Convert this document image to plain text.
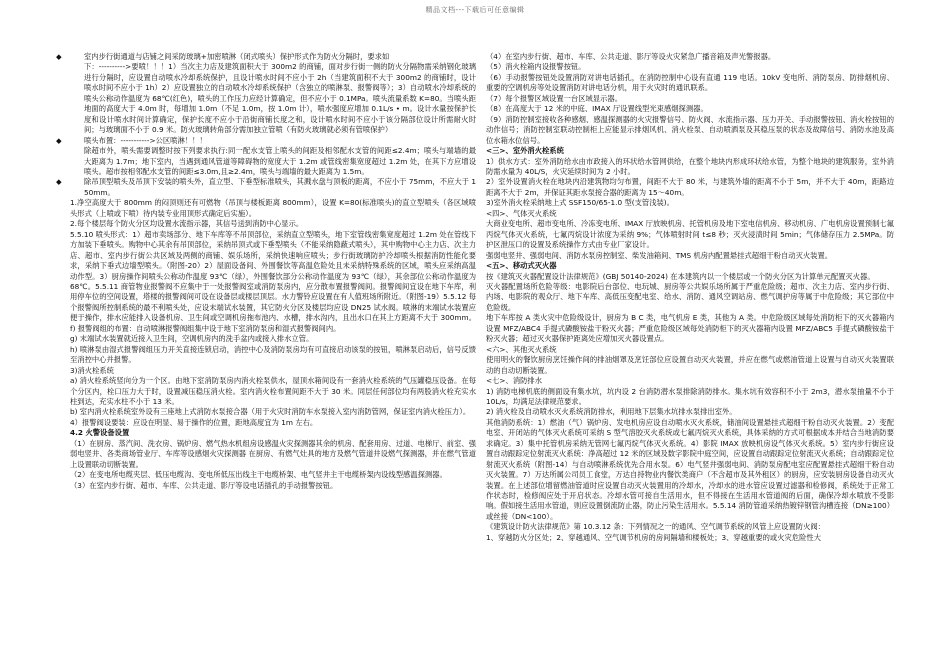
精品文档---下载后可任意编辑

◆	室内步行街通道与店铺之间采防玻璃+加密喷淋（闭式喷头）保护形式作为防火分隔时，要求如

下：---------->要喷！！！1）当次主力店及建筑面积大于 300m2 的商铺，面对步行街一侧的防火分隔物需采纳钢化玻璃进行分隔时，应设置自动喷水冷却系统保护，且设计喷水时间不应小于 2h（当建筑面积不大于 300m2 的商铺时，设计喷水时间不应小于 1h）2）应设置独立的自动喷水冷却系统保护（含独立的喷淋泵、报警阀等）；3）自动喷水冷却系统的喷头公称动作温度为 68℃(红色)，喷头的工作压力应经计算确定，但不应小于 0.1MPa。喷头流量系数 K=80。当喷头距地面的高度大于 4.0m 时，每增加 1.0m（不足 1.0m，按 1.0m 计），喷水强度应增加 0.1L/s • m。设计水量按保护长度和设计喷水时间计算确定，保护长度不应小于沿街商铺长度之和，设计喷水时间不应小于该分隔部位设计所需耐火时间；与玻璃面不小于 0.9 米。防火玻璃转角部分需加独立管喷（有防火玻璃就必须有管喷保护）

◆	喷头布置：----------->公区喷淋！！！

除超市外，喷头需要调整时按下列要求执行:同一配水支管上喷头的间距及相邻配水支管的间距≤2.4m；喷头与端墙的最大距离为 1.7m；地下室内，当遇到通风管道等障碍物的宽度大于 1.2m 或管线密集宽度超过 1.2m 处，在其下方应增设喷头。超市按相邻配水支管的间距≤3.0m,且≥2.4m，喷头与端墙的最大距离为 1.5m。

◆	除吊顶型喷头及吊顶下安装的喷头外，直立型、下垂型标准喷头，其溅水盘与顶板的距离，不应小于 75mm，不应大于 150mm。

1.净空高度大于 800mm 的闷顶则还有可燃物（吊顶与楼板距离 800mm），设置 K=80(标准喷头)的直立型喷头（各区域喷头形式（上喷或下喷）待内装专业用顶形式确定后实施）。

2.每个楼层每个防火分区均设置水流指示器，其信号送到消防中心显示。

5.5.10 喷头形式：1）超市卖场部分、地下车库等不吊顶部位，采纳直立型喷头，地下室管线密集宽度超过 1.2m 处在管线下方加装下垂喷头。购物中心其余有吊顶部位，采纳吊顶式或下垂型喷头（不能采纳隐蔽式喷头），其中购物中心主力店、次主力店、超市、室内步行街公共区域及两侧的商铺、娱乐场所，采纳快速响应喷头；步行街玻璃防护冷却喷头根据消防性能化要求，采纳下垂式边墙型喷头。（附图-20）2）屋面设备间、外围餐饮等高温危险处且未采纳特殊系统的区域，喷头应采纳高温动作型。3）厨房操作间喷头公称动作温度 93℃（绿），外围餐饮部分公称动作温度为 93℃（绿），其余部位公称动作温度为 68℃。5.5.11 商管物业报警阀不应集中于一处报警阀室或消防泵房内，应分散布置报警阀间。报警阀间宜设在地下车库，利用停车位的空间设置，塔楼的报警阀间可设在设备层或楼层顶层。水力警铃应设置在有人值班场所附近。（附图-19）5.5.12 每个报警阀所控制系统的最不利喷头处，应设末端试水装置，其它防火分区及楼层均应设 DN25 试水阀。喷淋的末端试水装置应便于操作，排水应能排入设备机房、卫生间或空调机房拖布池内、水槽，排水沟内，且出水口在其上方距离不大于 300mm。f) 报警阀组的布置：自动喷淋报警阀组集中设于地下室消防泵房和湿式报警阀间内。

g) 末端试水装置就近接入卫生间，空调机房内的洗手盆内或接入排水立管。

h) 喷淋泵由湿式报警阀组压力开关直接连锁启动，消控中心及消防泵房均有可直接启动该泵的按钮，喷淋泵启动后，信号反馈至消控中心并报警。

3)消火栓系统

a) 消火栓系统竖向分为一个区。由地下室消防泵房内消火栓泵供水，屋顶水箱间设有一套消火栓系统的气压罐稳压设备。在每个分区内，栓口压力大于时，设置减压稳压消火栓。室内消火栓布置间距不大于 30 米。同层任何部位均有两股消火栓充实水柱到达，充实水柱不小于 13 米。

b) 室内消火栓系统室外设有三座地上式消防水泵接合器（用于火灾时消防车水泵接入室内消防管网，保证室内消火栓压力）。

4）报警阀设要装：应设在明显、易于操作的位置，距地高度宜为 1m 左右。

4.2 火警设备设置

（1）在厨房、蒸汽间、洗衣房、锅炉房、燃气热水机组房设感温火灾探测器其余的机房、配套用房、过道、电梯厅、前室、强弱电竖井、各类商场管业厅、车库等设感烟火灾探测器 在厨房、有燃气灶具的地方及燃气管道井设燃气探测器，并在燃气管道上设置联动切断装置。

（2）在变电所电缆夹层、低压电缆沟、变电所低压出线主干电缆桥架、电气竖井主干电缆桥架内设线型感温探测器。

（3）在室内步行街、超市、车库、公共走道、影厅等设电话插孔的手动报警按钮。

（4）在室内步行街、超市、车库、公共走道、影厅等设火灾紧急广播音箱及声光警报器。

（5）消火栓箱内设报警按钮。

（6）手动报警按钮处设置消防对讲电话插孔，在消防控制中心设有直通 119 电话。10kV 变电所、消防泵房、防排烟机房、重要的空调机房等处设置消防对讲电话分机，用于火灾时的通讯联系。

（7）每个报警区域设置一台区域显示器。

（8）在高度大于 12 米的中庭、IMAX 厅设置线型光束感烟探测器。

（9）消防控制室接收各种感烟、感温探测器的火灾报警信号、防火阀、水流指示器、压力开关、手动报警按钮、消火栓按钮的动作信号；消防控制室联动控制柜上应能显示排烟风机、消火栓泵、自动喷洒泵及其稳压泵的状态及故障信号、消防水池及高位水箱水位信号。

<三>、室外消火栓系统

1）供水方式：室外消防给水由市政接入的环状给水管网供给，在整个地块内形成环状给水管，为整个地块的建筑服务，室外消防需水量为 40L/S，火灾延续时间为 2 小时。

2）室外设置消火栓在地块内沿建筑物均匀布置，间距不大于 80 米，与建筑外墙的距离不小于 5m，并不大于 40m，距路边距离不大于 2m，并保证其距水泵接合器的距离为 15～40m。

3)室外消火栓采纳地上式 SSF150/65-1.0 型(支管浅装)。

<四>、气体灭火系统

大商业变电所、超市变电所、冷冻变电所、IMAX 厅放映机房、托管机房及地下室电信机房、移动机房、广电机房设置预制七氟丙烷气体灭火系统，七氟丙烷设计浓度为采纳 9%；气体喷射时间 t≤8 秒；灭火浸渍时间 5min；气体储存压力 2.5MPa。防护区泄压口的设置及系统操作方式由专业厂家设计。

强弱电竖井、强弱电间、消防水泵房控制室、柴发油箱间、TMS 机房内配置悬挂式超细干粉自动灭火装置。

<五>、移动式灭火器

按《建筑灭火器配置设计法律规范》(GBJ 50140-2024) 在本建筑内以一个楼层或一个防火分区为计算单元配置灭火器。

灭火器配置场所危险等级：电影院后台部位、电玩城、厨房等公共娱乐场所属于严重危险级；超市、次主力店、室内步行街、内场、电影院的观众厅、地下车库、高低压变配电室、给水、消防、通风空调站房、燃气调护房等属于中危险级；其它部位中危险级。

地下车库按 A 类火灾中危险级设计，厨房为 B C 类，电气机房 E 类，其他为 A 类。中危险级区域每处消防柜下的灭火器箱内设置 MFZ/ABC4 手提式磷酸铵盐干粉灭火器；严重危险级区域每处消防柜下的灭火器箱内设置 MFZ/ABC5 手提式磷酸铵盐干粉灭火器；超过灭火器保护距离处应增加灭火器设置点。

<六>、其他灭火系统

使用明火的餐饮厨房烹饪操作间的排油烟罩及烹饪部位应设置自动灭火装置，并应在燃气或燃油管道上设置与自动灭火装置联动的自动切断装置。

<七>、消防排水

1) 消防电梯机底的侧面设有集水坑，坑内设 2 台消防潜水泵排除消防排水。集水坑有效容积不小于 2m3，潜水泵抽量不小于 10L/s，均满足法律规范要求。

2) 消火栓及自动喷水灭火系统消防排水，利用地下层集水坑排水泵排出室外。

其他消防系统：1）燃油（气）锅炉房、发电机房应设自动喷水灭火系统，储油间设置悬挂式超细干粉自动灭火装置。2）变配电室、开闭站的气体灭火系统可采纳 S 型气溶胶灭火系统或七氟丙烷灭火系统，具体采纳的方式可根据成本并结合当地消防要求确定。3）集中托管机房采纳无管网七氟丙烷气体灭火系统。4）影院 IMAX 放映机房设气体灭火系统。5）室内步行街应设置自动跟踪定位射流灭火系统：净高超过 12 米的区域及数字影院中庭空间，应设置自动跟踪定位射流灭火系统；自动跟踪定位射流灭火系统（附图-14）与自动喷淋系统优先合用水泵。6）电气竖井强弱电间、消防泵房配电室应配置悬挂式超细干粉自动灭火装置。7）万达所属公司员工食堂，万达自持物业内餐饮类商户（不含超市及其外租区）的厨房，应安装厨房设备自动灭火装置。在上述部位增留燃油管道时应设置自动灭火装置用的冷却水，冷却水的进水管应设置过滤器和检修阀，系统处于正常工作状态时，检修阀应处于开启状态。冷却水管可接自生活用水，但不得接在生活用水管道阀的后面，确保冷却水喷放不受影响。假如接生活用水管道，则应设置倒流防止器，防止污染生活用水。5.5.14 消防管道采纳热镀锌钢管沟槽连接（DN≥100）或丝接（DN<100）。

《建筑设计防火法律规范》第 10.3.12 条：下列情况之一的通风、空气调节系统的风管上应设置防火阀：

1、穿越防火分区处；2、穿越通风、空气调节机房的房间隔墙和楼板处；3、穿越重要的或火灾危险性大
